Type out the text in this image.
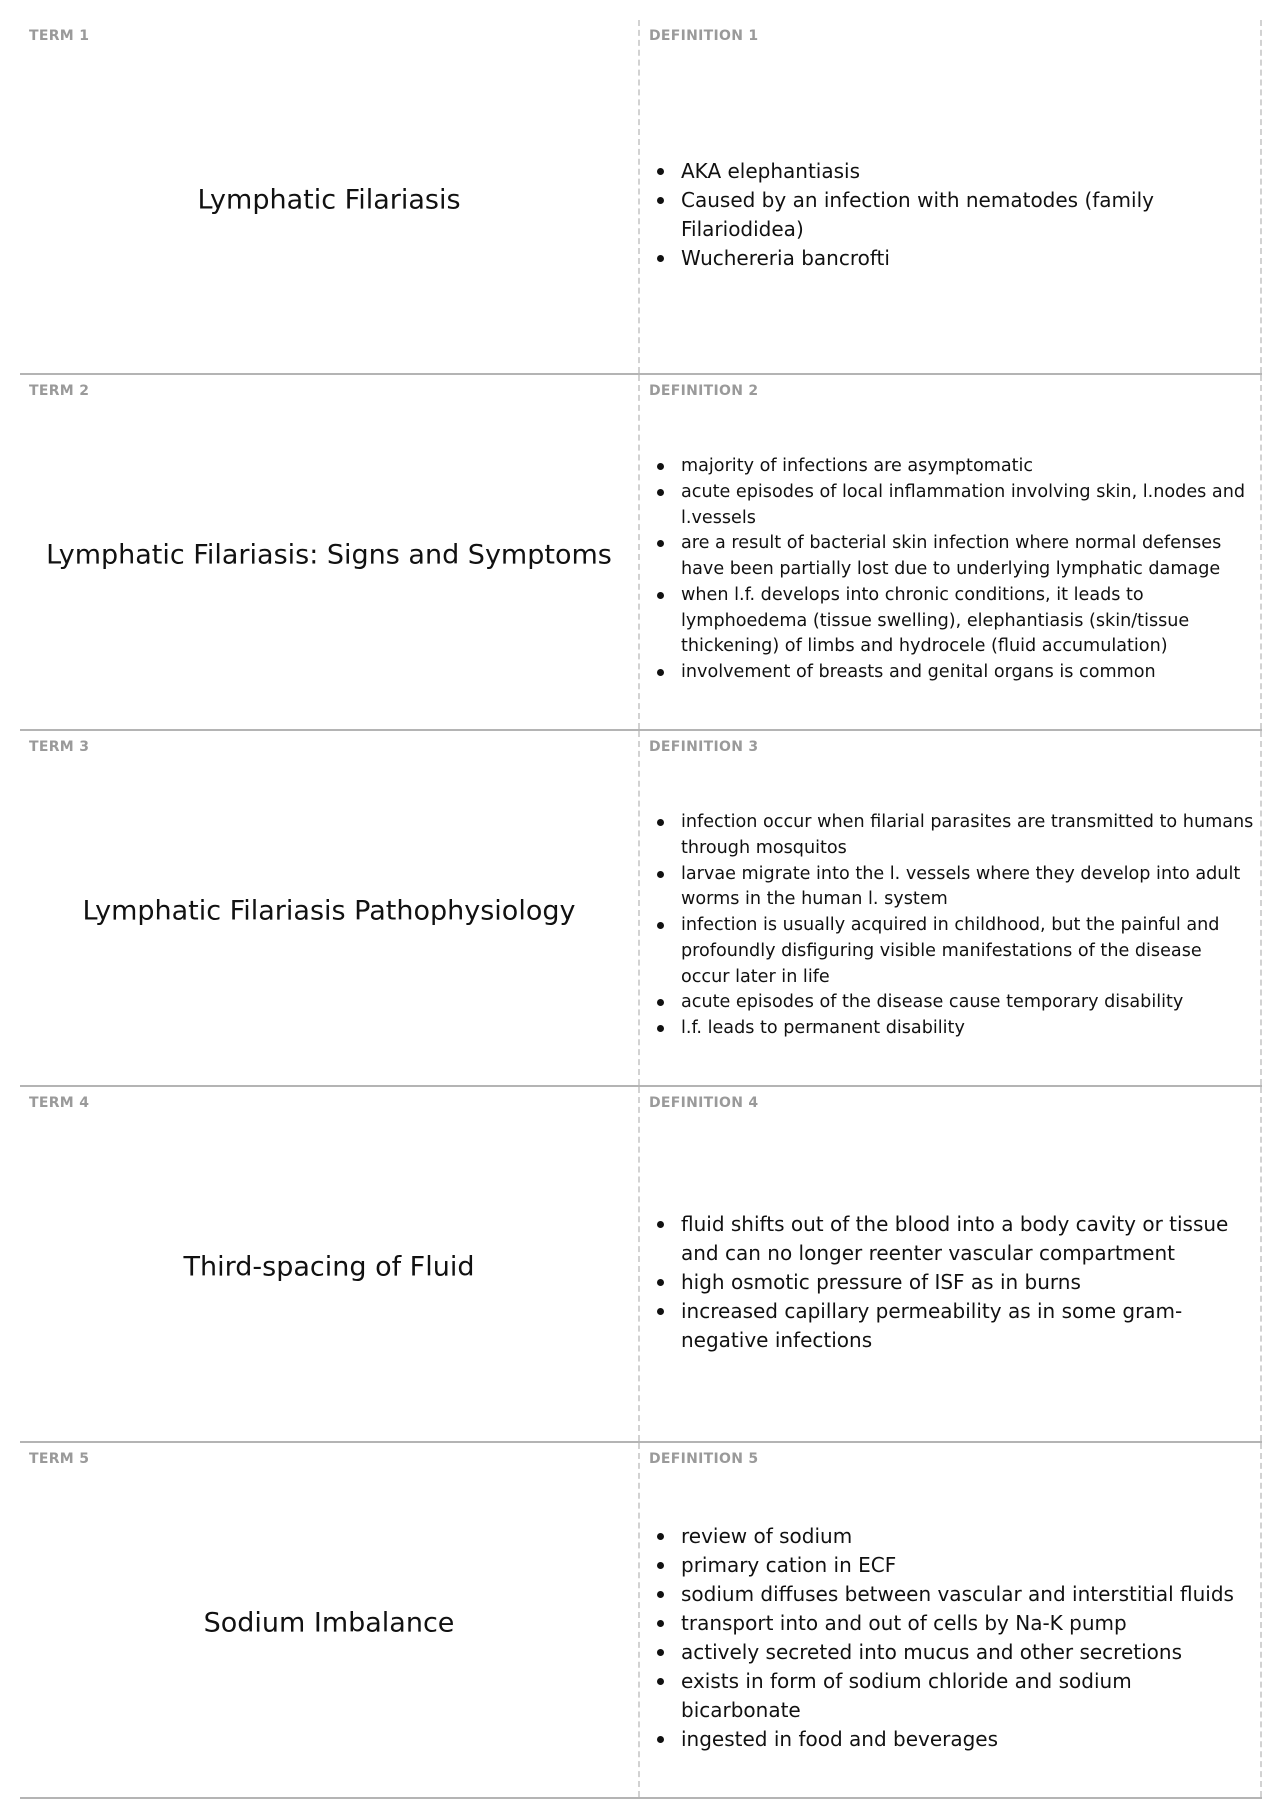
TERM 1
Lymphatic Filariasis
DEFINITION 1
AKA elephantiasis
Caused by an infection with nematodes (family Filariodidea)
Wuchereria bancrofti
TERM 2
Lymphatic Filariasis: Signs and Symptoms
DEFINITION 2
majority of infections are asymptomatic
acute episodes of local inflammation involving skin, l.nodes and l.vessels
are a result of bacterial skin infection where normal defenses have been partially lost due to underlying lymphatic damage
when l.f. develops into chronic conditions, it leads to lymphoedema (tissue swelling), elephantiasis (skin/tissue thickening) of limbs and hydrocele (fluid accumulation)
involvement of breasts and genital organs is common
TERM 3
Lymphatic Filariasis Pathophysiology
DEFINITION 3
infection occur when filarial parasites are transmitted to humans through mosquitos
larvae migrate into the l. vessels where they develop into adult worms in the human l. system
infection is usually acquired in childhood, but the painful and profoundly disfiguring visible manifestations of the disease occur later in life
acute episodes of the disease cause temporary disability
l.f. leads to permanent disability
TERM 4
Third-spacing of Fluid
DEFINITION 4
fluid shifts out of the blood into a body cavity or tissue and can no longer reenter vascular compartment
high osmotic pressure of ISF as in burns
increased capillary permeability as in some gram-negative infections
TERM 5
Sodium Imbalance
DEFINITION 5
review of sodium
primary cation in ECF
sodium diffuses between vascular and interstitial fluids
transport into and out of cells by Na-K pump
actively secreted into mucus and other secretions
exists in form of sodium chloride and sodium bicarbonate
ingested in food and beverages
